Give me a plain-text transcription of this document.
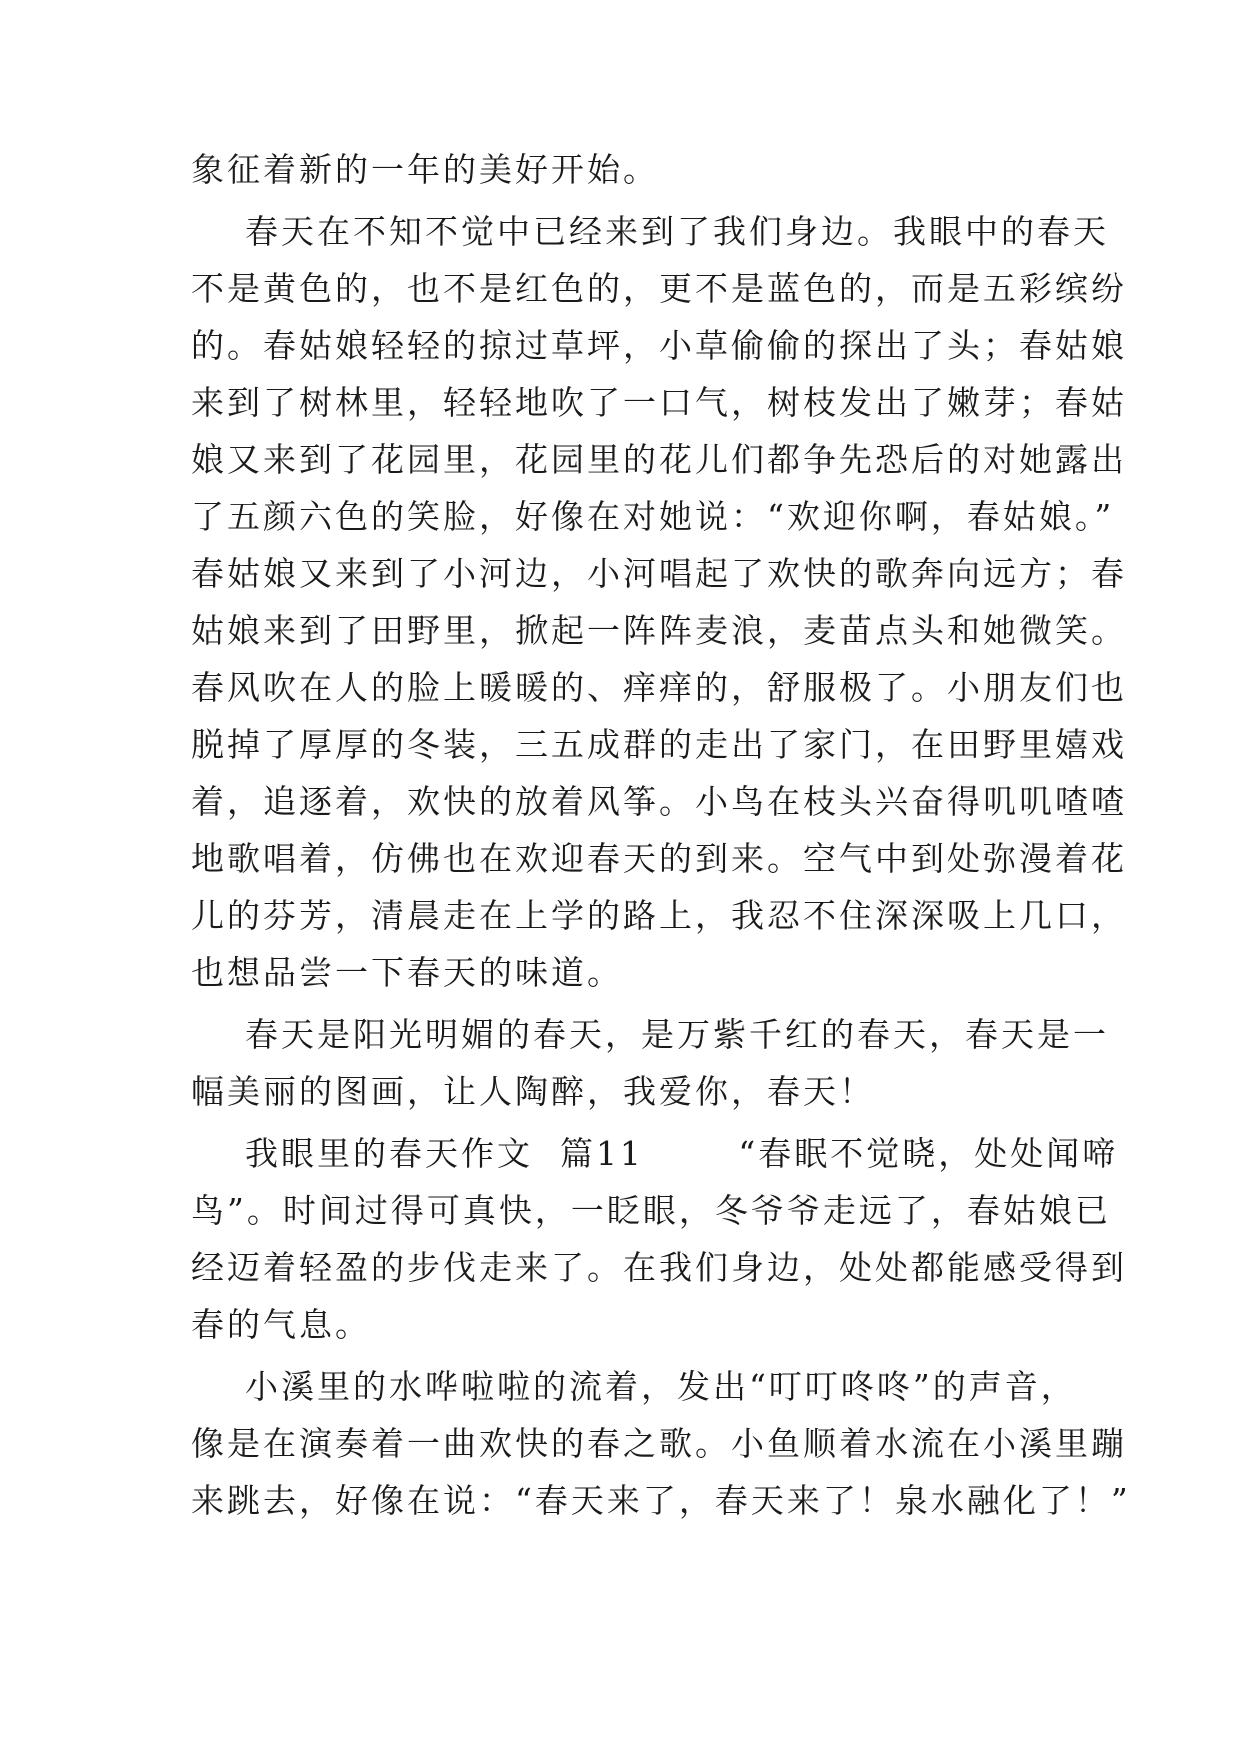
象征着新的一年的美好开始。
春天在不知不觉中已经来到了我们身边。我眼中的春天
不是黄色的，也不是红色的，更不是蓝色的，而是五彩缤纷
的。春姑娘轻轻的掠过草坪，小草偷偷的探出了头；春姑娘
来到了树林里，轻轻地吹了一口气，树枝发出了嫩芽；春姑
娘又来到了花园里，花园里的花儿们都争先恐后的对她露出
了五颜六色的笑脸，好像在对她说：“欢迎你啊，春姑娘。”
春姑娘又来到了小河边，小河唱起了欢快的歌奔向远方；春
姑娘来到了田野里，掀起一阵阵麦浪，麦苗点头和她微笑。
春风吹在人的脸上暖暖的、痒痒的，舒服极了。小朋友们也
脱掉了厚厚的冬装，三五成群的走出了家门，在田野里嬉戏
着，追逐着，欢快的放着风筝。小鸟在枝头兴奋得叽叽喳喳
地歌唱着，仿佛也在欢迎春天的到来。空气中到处弥漫着花
儿的芬芳，清晨走在上学的路上，我忍不住深深吸上几口，
也想品尝一下春天的味道。
春天是阳光明媚的春天，是万紫千红的春天，春天是一
幅美丽的图画，让人陶醉，我爱你，春天！
我眼里的春天作文  篇11       “春眠不觉晓，处处闻啼
鸟”。时间过得可真快，一眨眼，冬爷爷走远了，春姑娘已
经迈着轻盈的步伐走来了。在我们身边，处处都能感受得到
春的气息。
小溪里的水哗啦啦的流着，发出“叮叮咚咚”的声音，
像是在演奏着一曲欢快的春之歌。小鱼顺着水流在小溪里蹦
来跳去，好像在说：“春天来了，春天来了！泉水融化了！”
